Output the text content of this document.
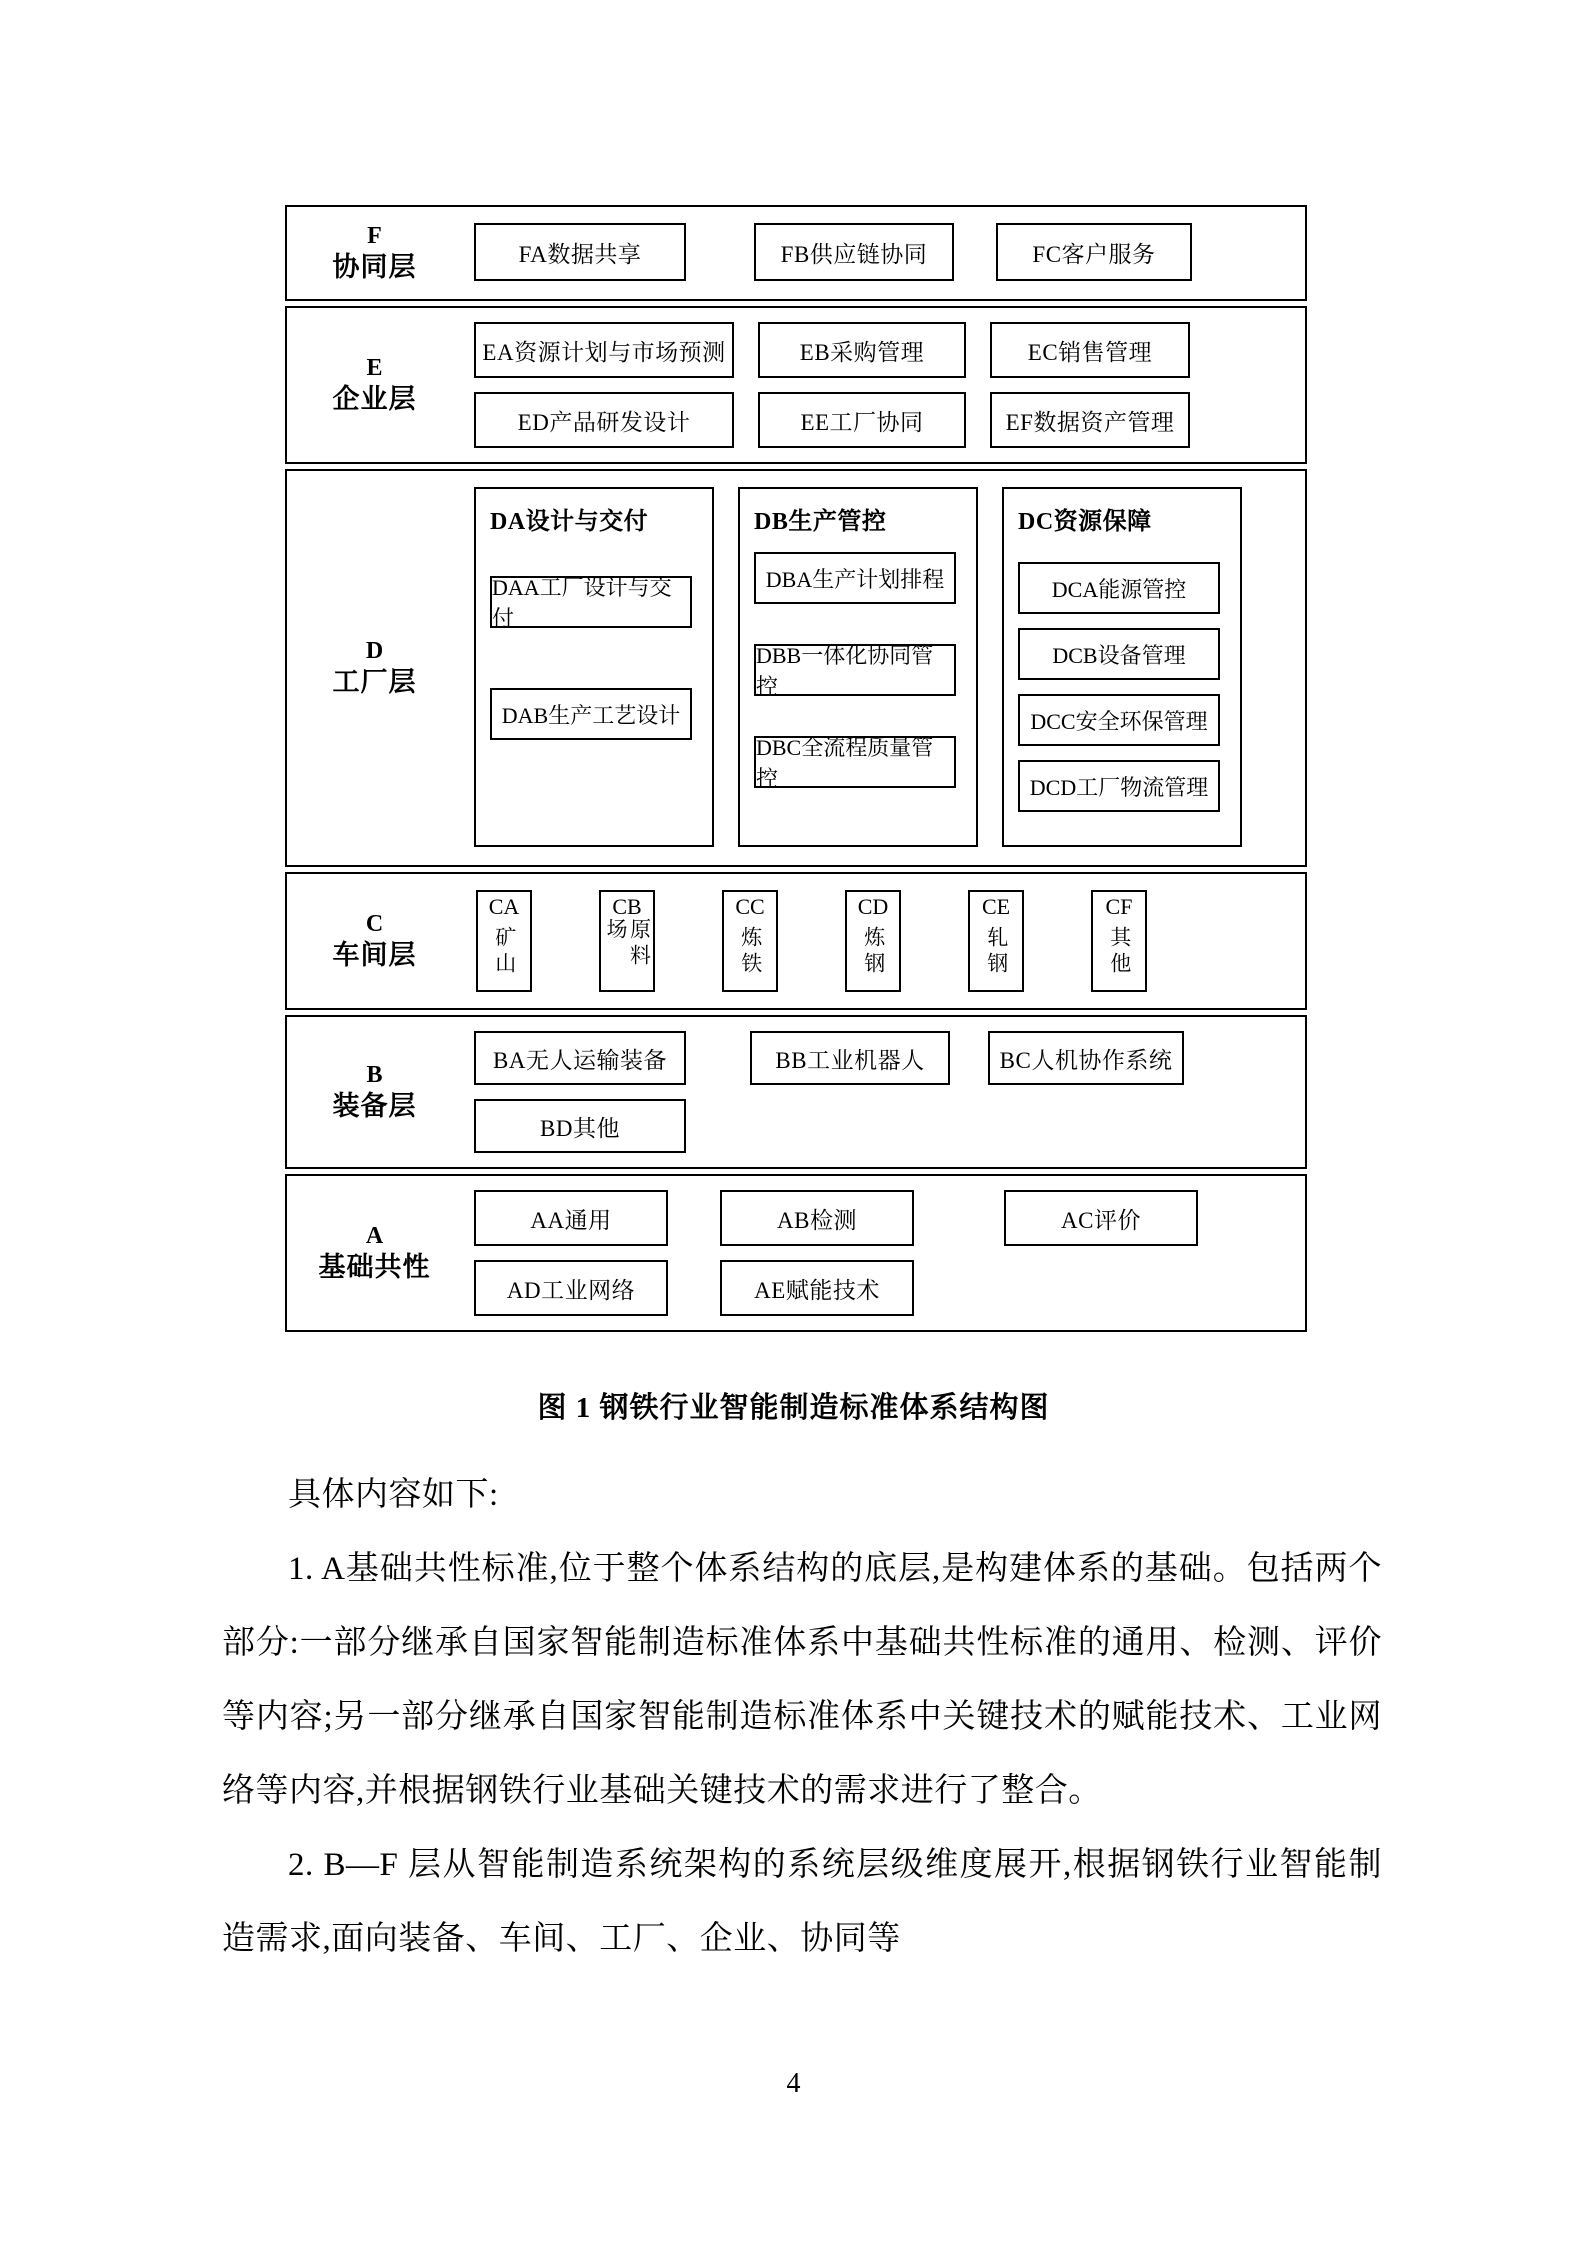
F
协同层	FA数据共享	FB供应链协同	FC客户服务
E
企业层
EA资源计划与市场预测	EB采购管理	EC销售管理
ED产品研发设计	EE工厂协同	EF数据资产管理
D
工厂层
DA设计与交付
DAA工厂设计与交付
DAB生产工艺设计
DB生产管控
DBA生产计划排程
DBB一体化协同管控
DBC全流程质量管控
DC资源保障
DCA能源管控
DCB设备管理
DCC安全环保管理
DCD工厂物流管理
C
车间层
CA
矿山
CB
原料场
CC
炼铁
CD
炼钢
CE
轧钢
CF
其他
B
装备层
BA无人运输装备	BB工业机器人	BC人机协作系统
BD其他
A
基础共性
AA通用	AB检测	AC评价
AD工业网络	AE赋能技术
图 1 钢铁行业智能制造标准体系结构图

具体内容如下:

1. A基础共性标准,位于整个体系结构的底层,是构建体系的基础。包括两个部分:一部分继承自国家智能制造标准体系中基础共性标准的通用、检测、评价等内容;另一部分继承自国家智能制造标准体系中关键技术的赋能技术、工业网络等内容,并根据钢铁行业基础关键技术的需求进行了整合。

2. B—F 层从智能制造系统架构的系统层级维度展开,根据钢铁行业智能制造需求,面向装备、车间、工厂、企业、协同等

4
